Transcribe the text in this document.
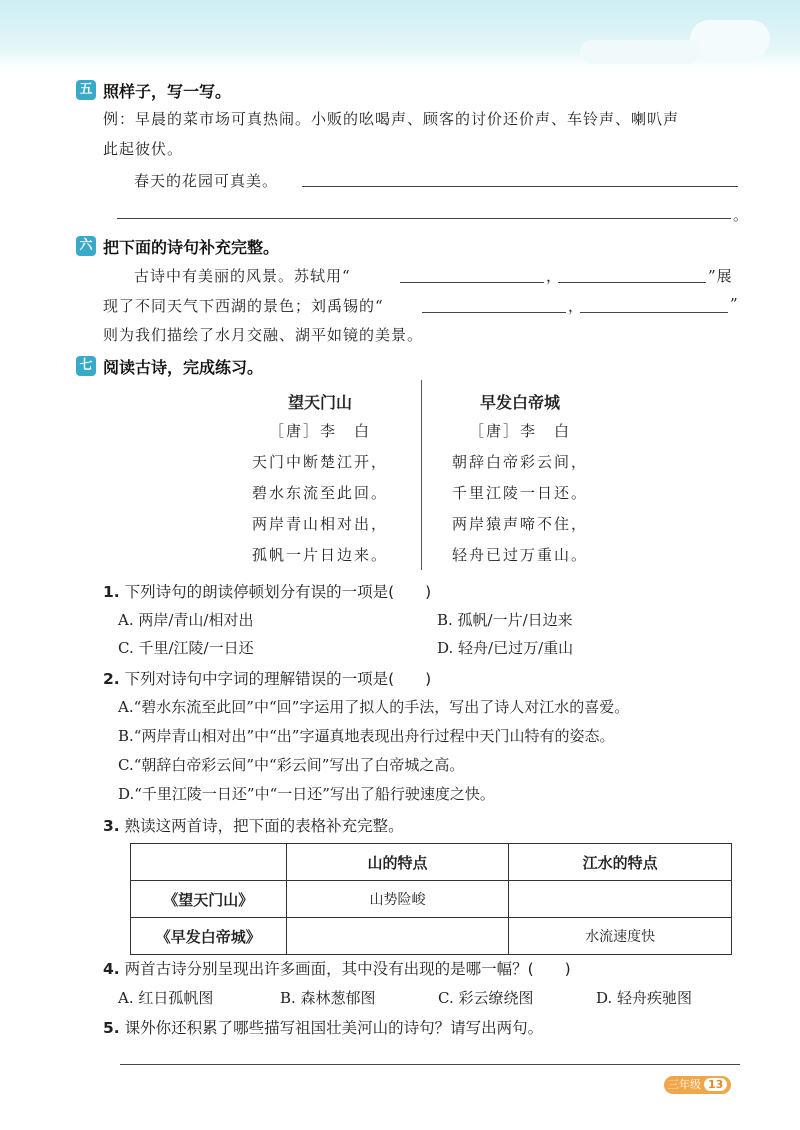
五 照样子，写一写。
例：早晨的菜市场可真热闹。小贩的吆喝声、顾客的讨价还价声、车铃声、喇叭声
此起彼伏。
春天的花园可真美。
。
六 把下面的诗句补充完整。
古诗中有美丽的风景。苏轼用“	，	”展
现了不同天气下西湖的景色；刘禹锡的“	，	”
则为我们描绘了水月交融、湖平如镜的美景。
七 阅读古诗，完成练习。
望天门山
［唐］李　白
天门中断楚江开，
碧水东流至此回。
两岸青山相对出，
孤帆一片日边来。
早发白帝城
［唐］李　白
朝辞白帝彩云间，
千里江陵一日还。
两岸猿声啼不住，
轻舟已过万重山。
1. 下列诗句的朗读停顿划分有误的一项是(　　)
A. 两岸/青山/相对出	B. 孤帆/一片/日边来
C. 千里/江陵/一日还	D. 轻舟/已过万/重山
2. 下列对诗句中字词的理解错误的一项是(　　)
A.“碧水东流至此回”中“回”字运用了拟人的手法，写出了诗人对江水的喜爱。
B.“两岸青山相对出”中“出”字逼真地表现出舟行过程中天门山特有的姿态。
C.“朝辞白帝彩云间”中“彩云间”写出了白帝城之高。
D.“千里江陵一日还”中“一日还”写出了船行驶速度之快。
3. 熟读这两首诗，把下面的表格补充完整。
	山的特点	江水的特点
《望天门山》	山势险峻	
《早发白帝城》		水流速度快
4. 两首古诗分别呈现出许多画面，其中没有出现的是哪一幅？(　　)
A. 红日孤帆图	B. 森林葱郁图	C. 彩云缭绕图	D. 轻舟疾驰图
5. 课外你还积累了哪些描写祖国壮美河山的诗句？请写出两句。
三年级 13
